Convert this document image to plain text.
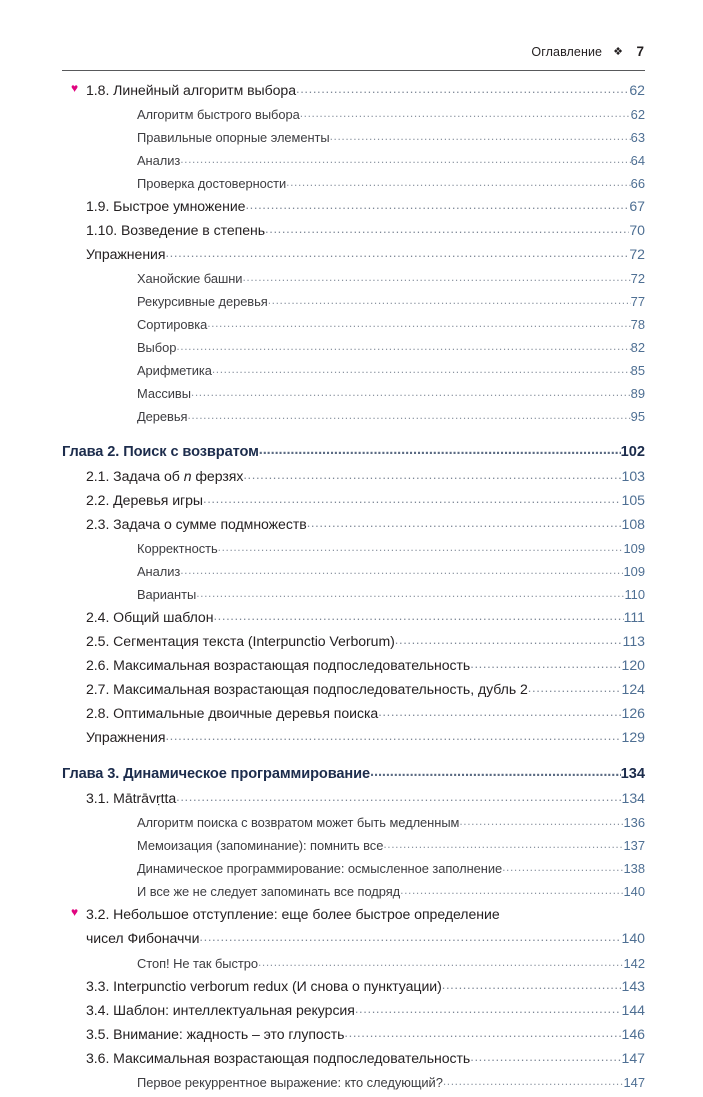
Оглавление ❖ 7
♥ 1.8. Линейный алгоритм выбора .....	62
Алгоритм быстрого выбора .....	62
Правильные опорные элементы .....	63
Анализ .....	64
Проверка достоверности .....	66
1.9. Быстрое умножение .....	67
1.10. Возведение в степень .....	70
Упражнения .....	72
Ханойские башни .....	72
Рекурсивные деревья .....	77
Сортировка .....	78
Выбор .....	82
Арифметика .....	85
Массивы .....	89
Деревья .....	95
Глава 2. Поиск с возвратом .....	102
2.1. Задача об n ферзях .....	103
2.2. Деревья игры .....	105
2.3. Задача о сумме подмножеств .....	108
Корректность .....	109
Анализ .....	109
Варианты .....	110
2.4. Общий шаблон .....	111
2.5. Сегментация текста (Interpunctio Verborum) .....	113
2.6. Максимальная возрастающая подпоследовательность .....	120
2.7. Максимальная возрастающая подпоследовательность, дубль 2 .....	124
2.8. Оптимальные двоичные деревья поиска .....	126
Упражнения .....	129
Глава 3. Динамическое программирование .....	134
3.1. Mātrāvṛtta .....	134
Алгоритм поиска с возвратом может быть медленным .....	136
Мемоизация (запоминание): помнить все .....	137
Динамическое программирование: осмысленное заполнение .....	138
И все же не следует запоминать все подряд .....	140
♥ 3.2. Небольшое отступление: еще более быстрое определение
чисел Фибоначчи .....	140
Стоп! Не так быстро .....	142
3.3. Interpunctio verborum redux (И снова о пунктуации) .....	143
3.4. Шаблон: интеллектуальная рекурсия .....	144
3.5. Внимание: жадность – это глупость .....	146
3.6. Максимальная возрастающая подпоследовательность .....	147
Первое рекуррентное выражение: кто следующий? .....	147
